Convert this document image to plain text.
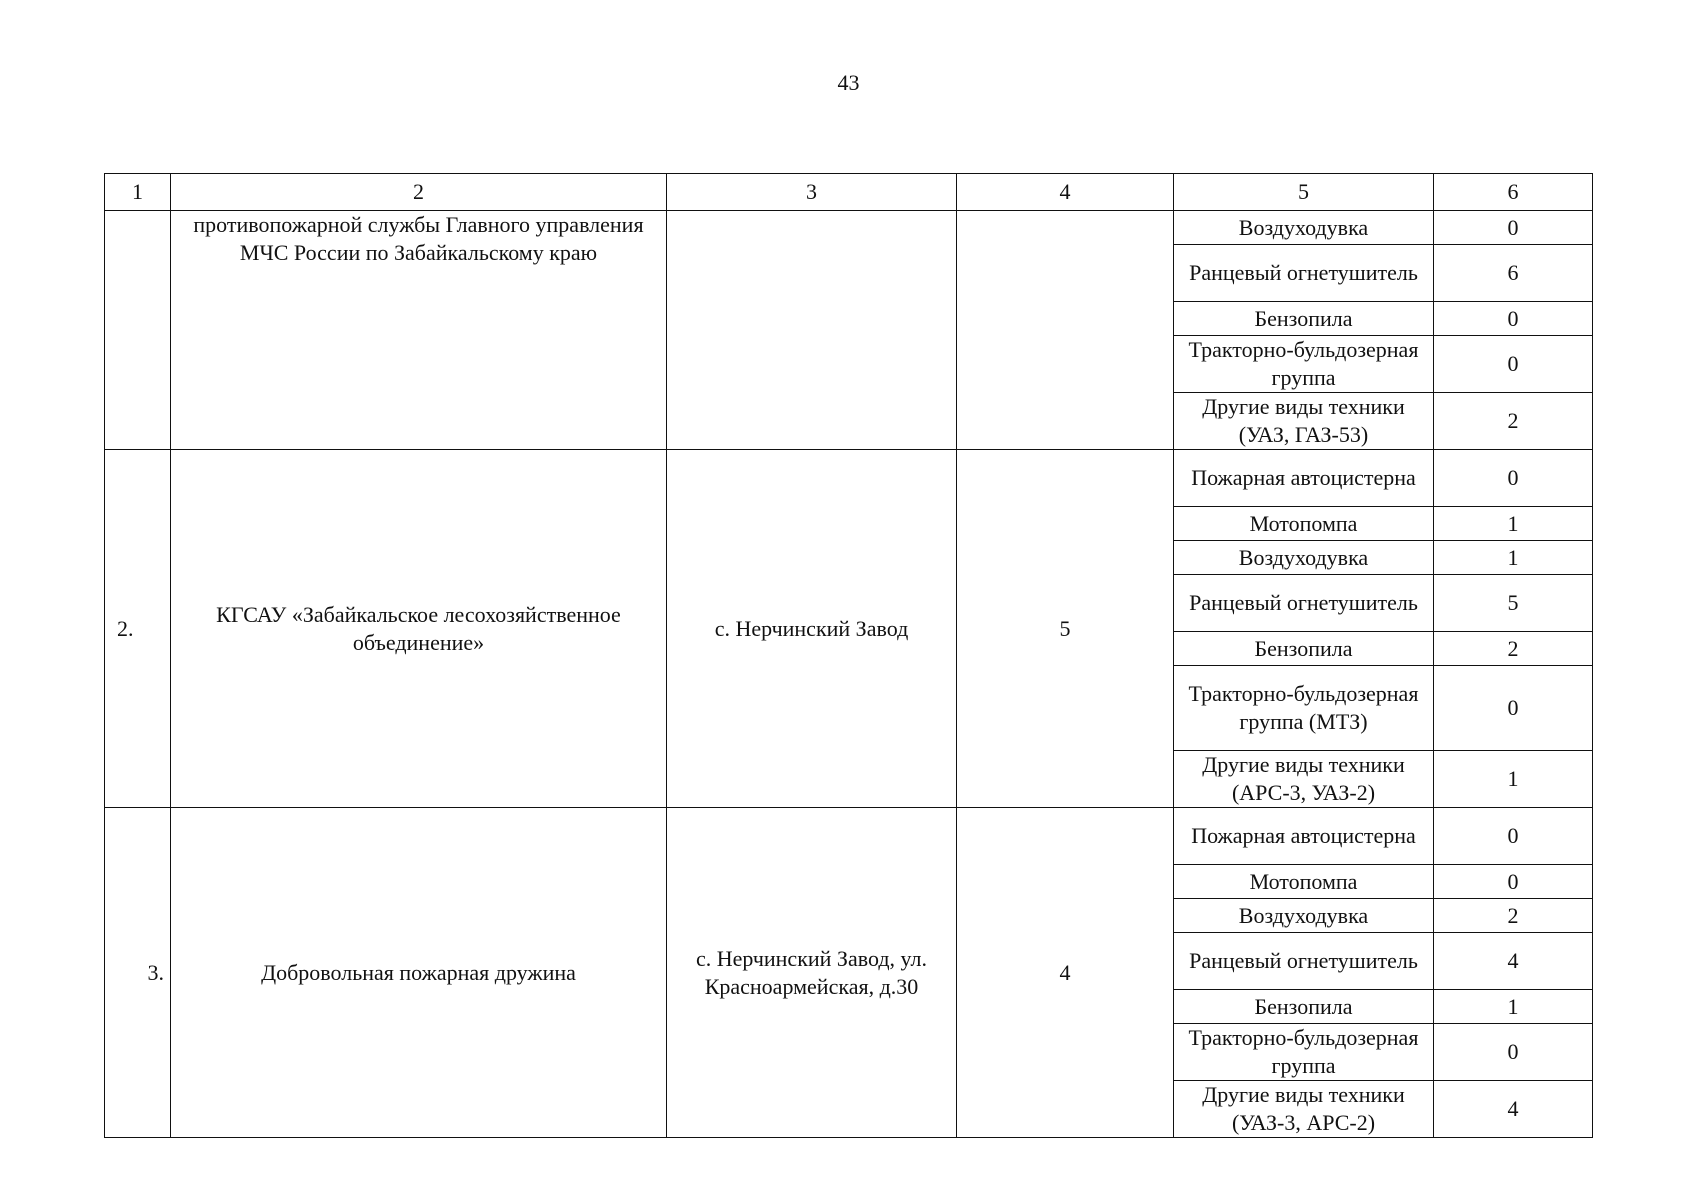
43
1	2	3	4	5	6
	противопожарной службы Главного управления МЧС России по Забайкальскому краю			Воздуходувка	0
				Ранцевый огнетушитель	6
				Бензопила	0
				Тракторно-бульдозерная группа	0
				Другие виды техники (УАЗ, ГАЗ-53)	2
2.	КГСАУ «Забайкальское лесохозяйственное объединение»	с. Нерчинский Завод	5	Пожарная автоцистерна	0
				Мотопомпа	1
				Воздуходувка	1
				Ранцевый огнетушитель	5
				Бензопила	2
				Тракторно-бульдозерная группа (МТЗ)	0
				Другие виды техники (АРС-3, УАЗ-2)	1
3.	Добровольная пожарная дружина	с. Нерчинский Завод, ул. Красноармейская, д.30	4	Пожарная автоцистерна	0
				Мотопомпа	0
				Воздуходувка	2
				Ранцевый огнетушитель	4
				Бензопила	1
				Тракторно-бульдозерная группа	0
				Другие виды техники (УАЗ-3, АРС-2)	4
